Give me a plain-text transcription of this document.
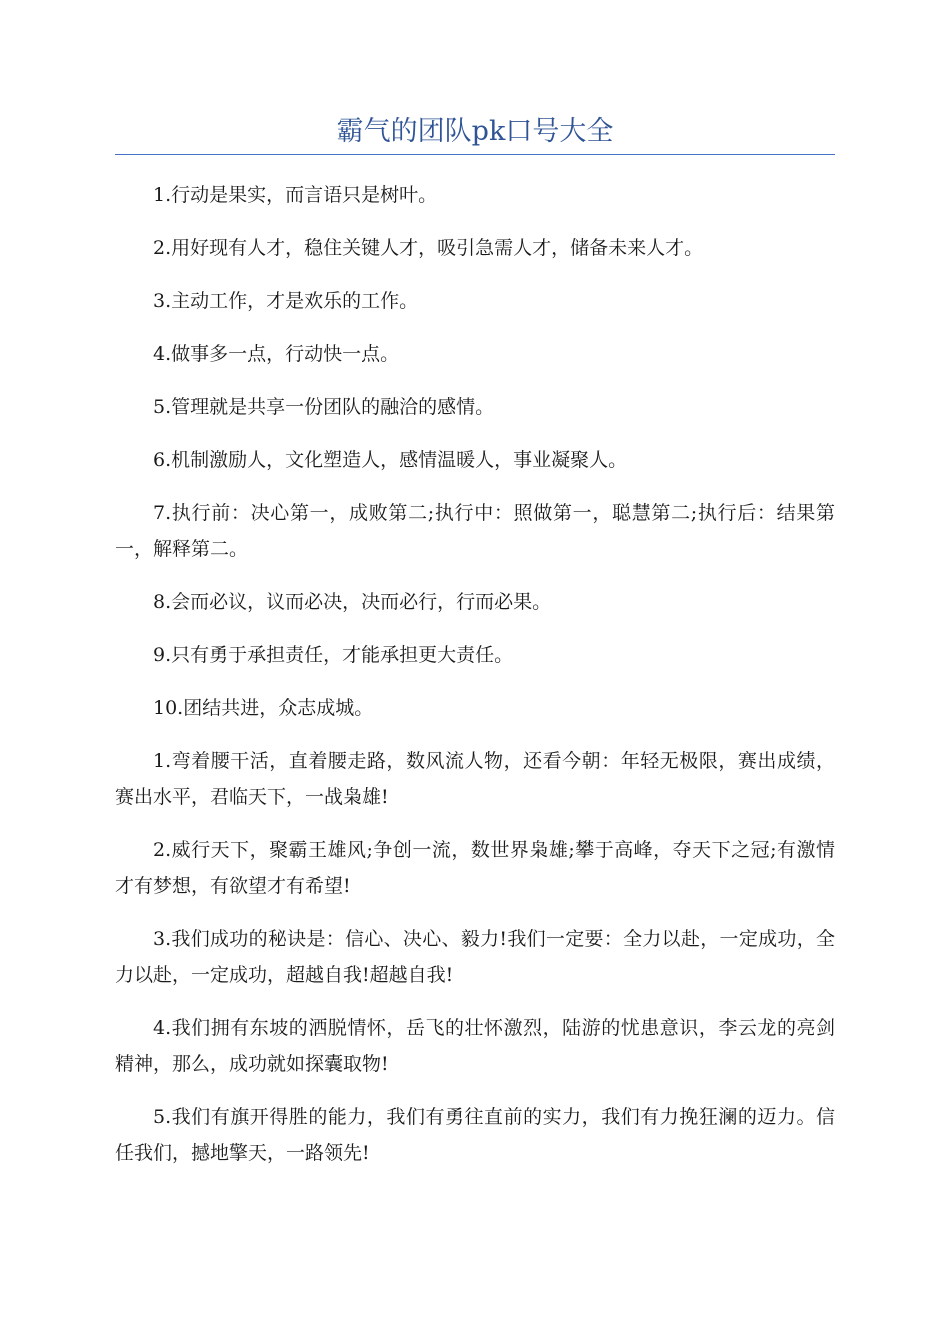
霸气的团队pk口号大全

1.行动是果实，而言语只是树叶。

2.用好现有人才，稳住关键人才，吸引急需人才，储备未来人才。

3.主动工作，才是欢乐的工作。

4.做事多一点，行动快一点。

5.管理就是共享一份团队的融洽的感情。

6.机制激励人，文化塑造人，感情温暖人，事业凝聚人。

7.执行前：决心第一，成败第二;执行中：照做第一，聪慧第二;执行后：结果第一，解释第二。

8.会而必议，议而必决，决而必行，行而必果。

9.只有勇于承担责任，才能承担更大责任。

10.团结共进，众志成城。

1.弯着腰干活，直着腰走路，数风流人物，还看今朝：年轻无极限，赛出成绩，赛出水平，君临天下，一战枭雄!

2.威行天下，聚霸王雄风;争创一流，数世界枭雄;攀于高峰，夺天下之冠;有激情才有梦想，有欲望才有希望!

3.我们成功的秘诀是：信心、决心、毅力!我们一定要：全力以赴，一定成功，全力以赴，一定成功，超越自我!超越自我!

4.我们拥有东坡的洒脱情怀，岳飞的壮怀激烈，陆游的忧患意识，李云龙的亮剑精神，那么，成功就如探囊取物!

5.我们有旗开得胜的能力，我们有勇往直前的实力，我们有力挽狂澜的迈力。信任我们，撼地擎天，一路领先!
